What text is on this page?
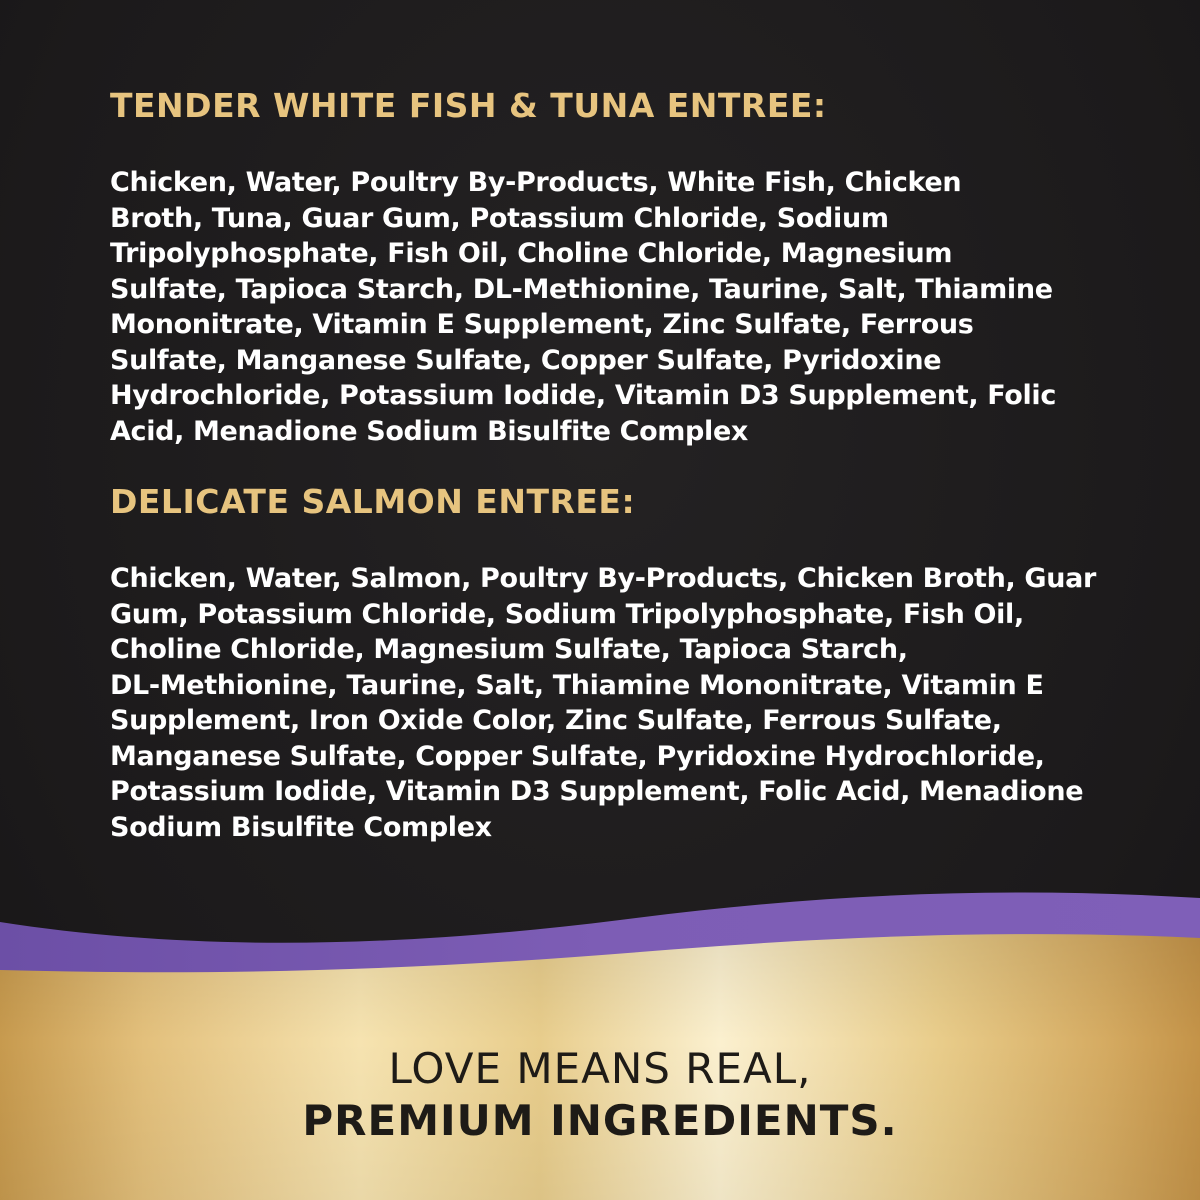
TENDER WHITE FISH & TUNA ENTREE:

Chicken, Water, Poultry By-Products, White Fish, Chicken
Broth, Tuna, Guar Gum, Potassium Chloride, Sodium
Tripolyphosphate, Fish Oil, Choline Chloride, Magnesium
Sulfate, Tapioca Starch, DL-Methionine, Taurine, Salt, Thiamine
Mononitrate, Vitamin E Supplement, Zinc Sulfate, Ferrous
Sulfate, Manganese Sulfate, Copper Sulfate, Pyridoxine
Hydrochloride, Potassium Iodide, Vitamin D3 Supplement, Folic
Acid, Menadione Sodium Bisulfite Complex

DELICATE SALMON ENTREE:

Chicken, Water, Salmon, Poultry By-Products, Chicken Broth, Guar
Gum, Potassium Chloride, Sodium Tripolyphosphate, Fish Oil,
Choline Chloride, Magnesium Sulfate, Tapioca Starch,
DL-Methionine, Taurine, Salt, Thiamine Mononitrate, Vitamin E
Supplement, Iron Oxide Color, Zinc Sulfate, Ferrous Sulfate,
Manganese Sulfate, Copper Sulfate, Pyridoxine Hydrochloride,
Potassium Iodide, Vitamin D3 Supplement, Folic Acid, Menadione
Sodium Bisulfite Complex

LOVE MEANS REAL,
PREMIUM INGREDIENTS.
